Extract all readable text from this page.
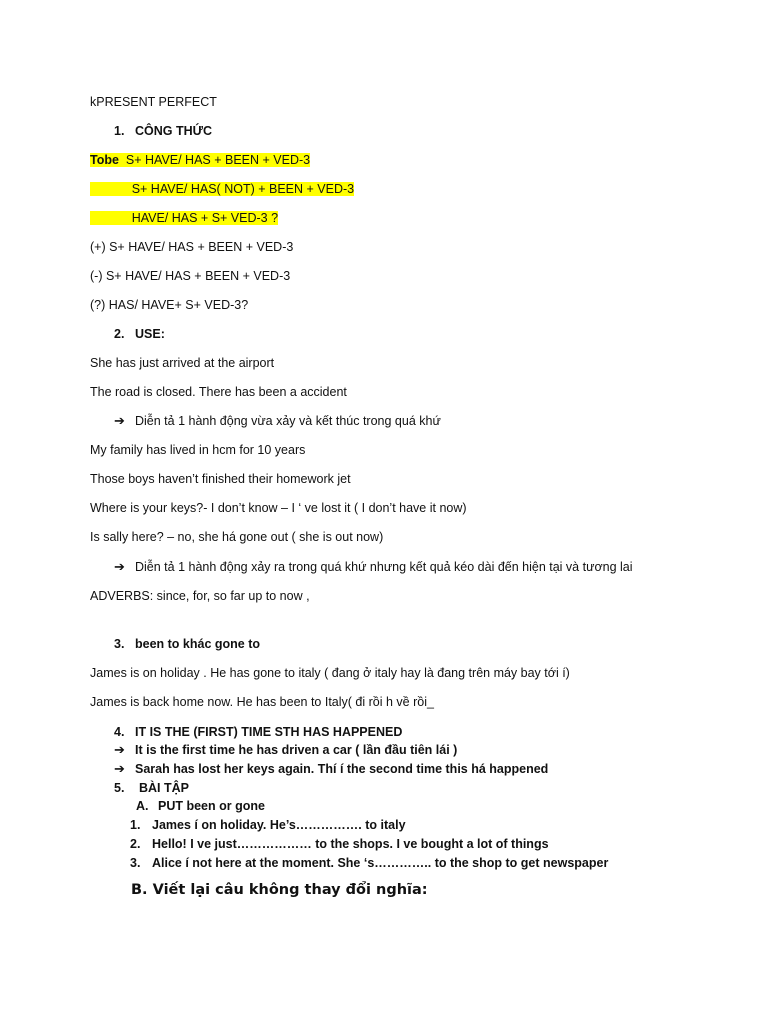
kPRESENT PERFECT
1. CÔNG THỨC
Tobe S+ HAVE/ HAS + BEEN + VED-3
S+ HAVE/ HAS( NOT) + BEEN + VED-3
HAVE/ HAS + S+ VED-3 ?
(+) S+ HAVE/ HAS + BEEN + VED-3
(-) S+ HAVE/ HAS + BEEN + VED-3
(?) HAS/ HAVE+ S+ VED-3?
2. USE:
She has just arrived at the airport
The road is closed. There has been a accident
➔ Diễn tả 1 hành động vừa xảy và kết thúc trong quá khứ
My family has lived in hcm for 10 years
Those boys haven’t finished their homework jet
Where is your keys?- I don’t know – I ‘ ve lost it ( I don’t have it now)
Is sally here? – no, she há gone out ( she is out now)
➔ Diễn tả 1 hành động xảy ra trong quá khứ nhưng kết quả kéo dài đến hiện tại và tương lai
ADVERBS: since, for, so far up to now ,
3. been to khác gone to
James is on holiday . He has gone to italy ( đang ở italy hay là đang trên máy bay tới í)
James is back home now. He has been to Italy( đi rồi h về rồi_
4. IT IS THE (FIRST) TIME STH HAS HAPPENED
➔ It is the first time he has driven a car ( lần đầu tiên lái )
➔ Sarah has lost her keys again. Thí í the second time this há happened
5. BÀI TẬP
A. PUT been or gone
1. James í on holiday. He’s……………. to italy
2. Hello! I ve just……………… to the shops. I ve bought a lot of things
3. Alice í not here at the moment. She ‘s………….. to the shop to get newspaper
B. Viết lại câu không thay đổi nghĩa:
